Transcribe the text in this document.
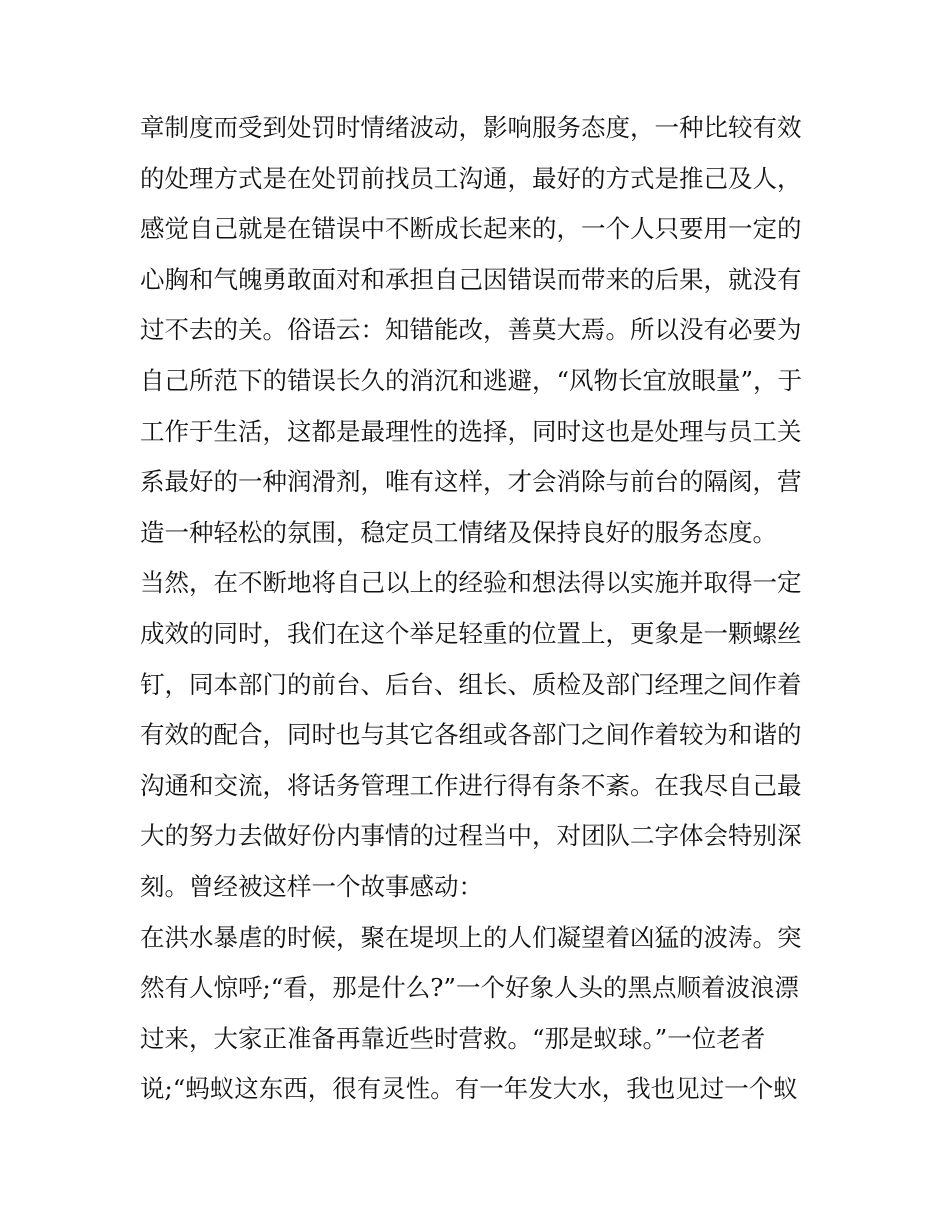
章制度而受到处罚时情绪波动，影响服务态度，一种比较有效
的处理方式是在处罚前找员工沟通，最好的方式是推己及人，
感觉自己就是在错误中不断成长起来的，一个人只要用一定的
心胸和气魄勇敢面对和承担自己因错误而带来的后果，就没有
过不去的关。俗语云：知错能改，善莫大焉。所以没有必要为
自己所范下的错误长久的消沉和逃避，“风物长宜放眼量”，于
工作于生活，这都是最理性的选择，同时这也是处理与员工关
系最好的一种润滑剂，唯有这样，才会消除与前台的隔阂，营
造一种轻松的氛围，稳定员工情绪及保持良好的服务态度。
当然，在不断地将自己以上的经验和想法得以实施并取得一定
成效的同时，我们在这个举足轻重的位置上，更象是一颗螺丝
钉，同本部门的前台、后台、组长、质检及部门经理之间作着
有效的配合，同时也与其它各组或各部门之间作着较为和谐的
沟通和交流，将话务管理工作进行得有条不紊。在我尽自己最
大的努力去做好份内事情的过程当中，对团队二字体会特别深
刻。曾经被这样一个故事感动：
在洪水暴虐的时候，聚在堤坝上的人们凝望着凶猛的波涛。突
然有人惊呼;“看，那是什么?”一个好象人头的黑点顺着波浪漂
过来，大家正准备再靠近些时营救。“那是蚁球。”一位老者
说;“蚂蚁这东西，很有灵性。有一年发大水，我也见过一个蚁
